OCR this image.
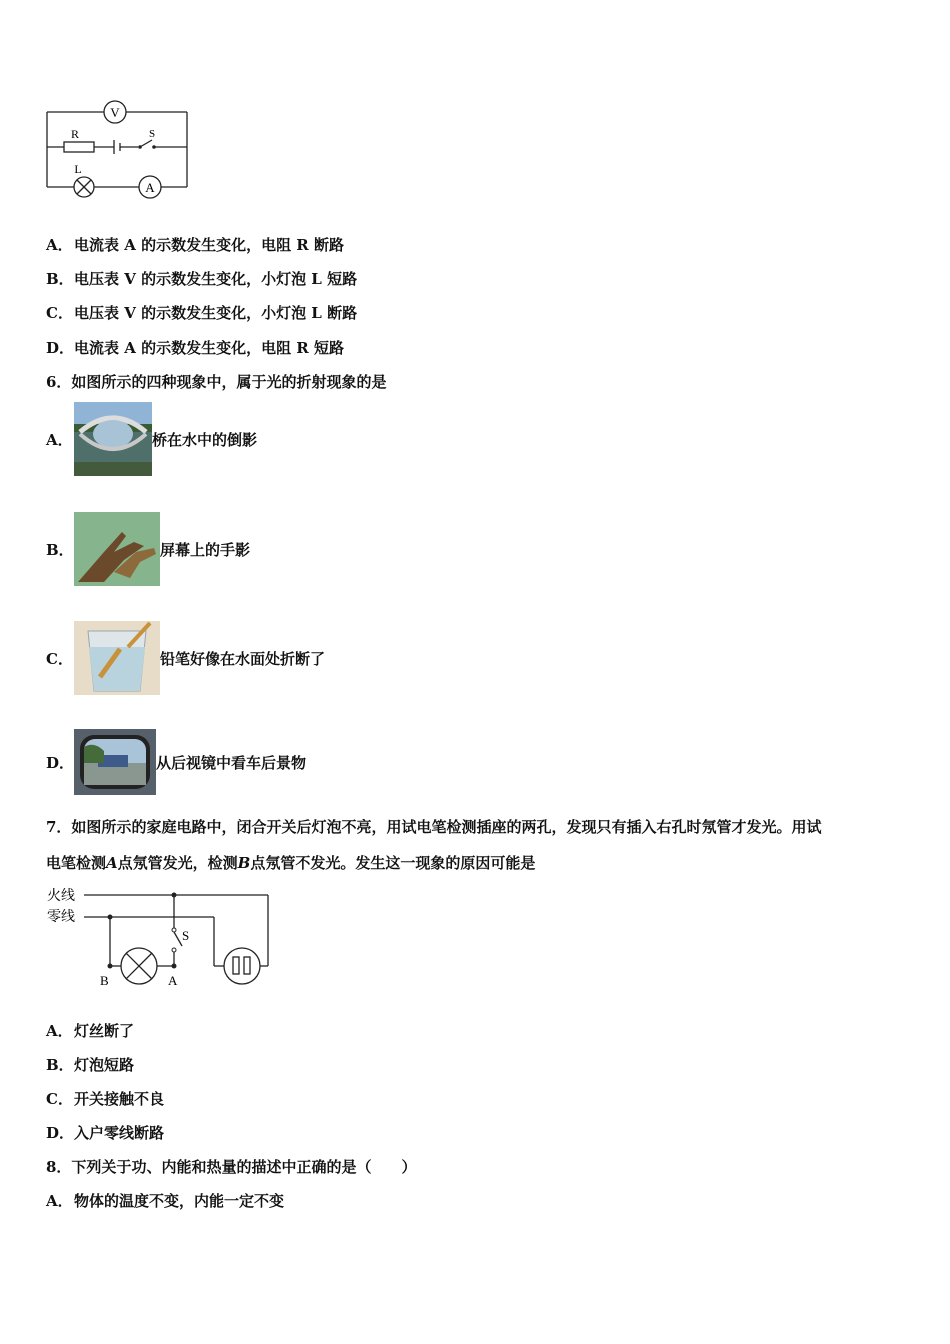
V
R	S
L
A
A．电流表 A 的示数发生变化，电阻 R 断路
B．电压表 V 的示数发生变化，小灯泡 L 短路
C．电压表 V 的示数发生变化，小灯泡 L 断路
D．电流表 A 的示数发生变化，电阻 R 短路
6．如图所示的四种现象中，属于光的折射现象的是
A．	桥在水中的倒影
B．	屏幕上的手影
C．	铅笔好像在水面处折断了
D．	从后视镜中看车后景物
7．如图所示的家庭电路中，闭合开关后灯泡不亮，用试电笔检测插座的两孔，发现只有插入右孔时氖管才发光。用试
电笔检测A点氖管发光，检测B点氖管不发光。发生这一现象的原因可能是
火线
零线
S
B	A
A．灯丝断了
B．灯泡短路
C．开关接触不良
D．入户零线断路
8．下列关于功、内能和热量的描述中正确的是（　　）
A．物体的温度不变，内能一定不变
